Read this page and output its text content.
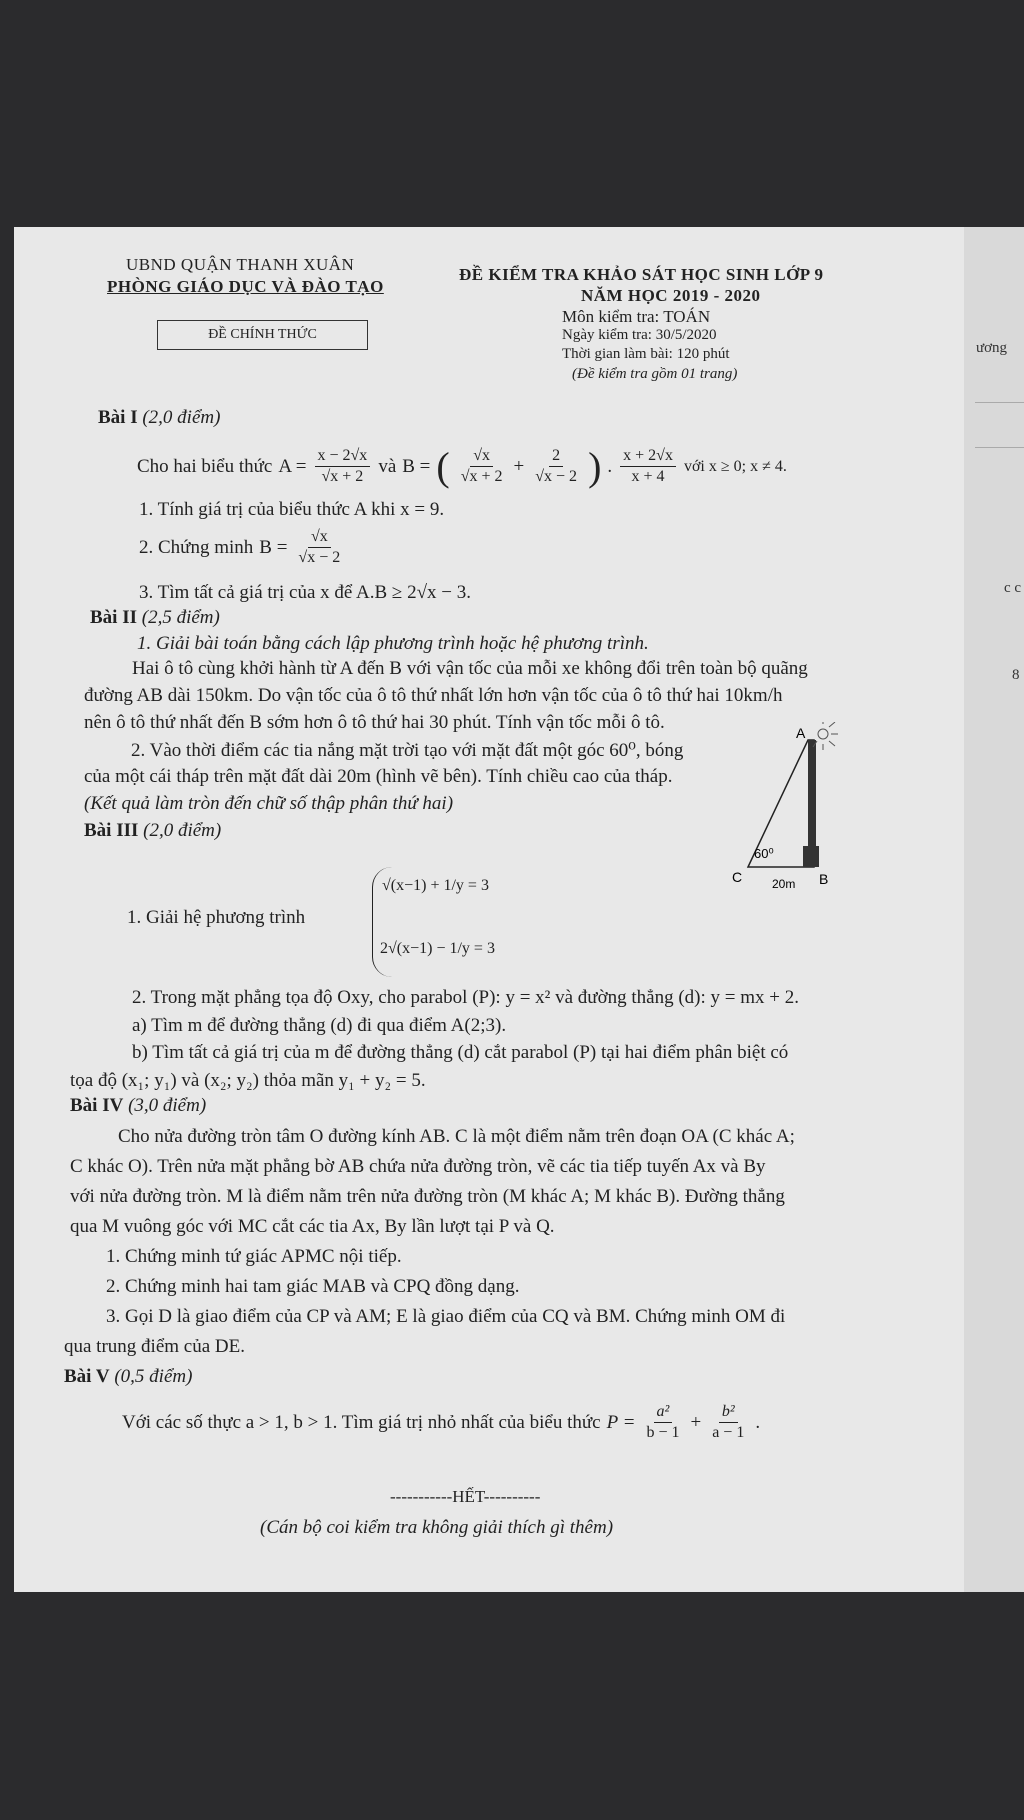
UBND QUẬN THANH XUÂN
PHÒNG GIÁO DỤC VÀ ĐÀO TẠO
ĐỀ CHÍNH THỨC
ĐỀ KIỂM TRA KHẢO SÁT HỌC SINH LỚP 9
NĂM HỌC 2019 - 2020
Môn kiểm tra: TOÁN
Ngày kiểm tra: 30/5/2020
Thời gian làm bài: 120 phút
(Đề kiểm tra gồm 01 trang)
Bài I (2,0 điểm)
Cho hai biểu thức $A = \frac{x - 2√x}{√x + 2}$ và B = ( $\frac{√x}{√x + 2} + \frac{2}{√x - 2}$ ) . $\frac{x + 2√x}{x + 4}$ với x ≥ 0; x ≠ 4.
1. Tính giá trị của biểu thức A khi x = 9.
2. Chứng minh $B = \frac{√x}{√x - 2}$
3. Tìm tất cả giá trị của x để A.B ≥ 2√x − 3.
Bài II (2,5 điểm)
1. Giải bài toán bằng cách lập phương trình hoặc hệ phương trình.
Hai ô tô cùng khởi hành từ A đến B với vận tốc của mỗi xe không đổi trên toàn bộ quãng
đường AB dài 150km. Do vận tốc của ô tô thứ nhất lớn hơn vận tốc của ô tô thứ hai 10km/h
nên ô tô thứ nhất đến B sớm hơn ô tô thứ hai 30 phút. Tính vận tốc mỗi ô tô.
2. Vào thời điểm các tia nắng mặt trời tạo với mặt đất một góc 60⁰, bóng
của một cái tháp trên mặt đất dài 20m (hình vẽ bên). Tính chiều cao của tháp.
(Kết quả làm tròn đến chữ số thập phân thứ hai)
A
C	B
60⁰
20m
Bài III (2,0 điểm)
1. Giải hệ phương trình
√(x−1) + 1/y = 3
2√(x−1) − 1/y = 3
2. Trong mặt phẳng tọa độ Oxy, cho parabol (P): y = x² và đường thẳng (d): y = mx + 2.
a) Tìm m để đường thẳng (d) đi qua điểm A(2;3).
b) Tìm tất cả giá trị của m để đường thẳng (d) cắt parabol (P) tại hai điểm phân biệt có
tọa độ (x₁; y₁) và (x₂; y₂) thỏa mãn y₁ + y₂ = 5.
Bài IV (3,0 điểm)
Cho nửa đường tròn tâm O đường kính AB. C là một điểm nằm trên đoạn OA (C khác A;
C khác O). Trên nửa mặt phẳng bờ AB chứa nửa đường tròn, vẽ các tia tiếp tuyến Ax và By
với nửa đường tròn. M là điểm nằm trên nửa đường tròn (M khác A; M khác B). Đường thẳng
qua M vuông góc với MC cắt các tia Ax, By lần lượt tại P và Q.
1. Chứng minh tứ giác APMC nội tiếp.
2. Chứng minh hai tam giác MAB và CPQ đồng dạng.
3. Gọi D là giao điểm của CP và AM; E là giao điểm của CQ và BM. Chứng minh OM đi
qua trung điểm của DE.
Bài V (0,5 điểm)
Với các số thực a > 1, b > 1. Tìm giá trị nhỏ nhất của biểu thức $P = \frac{\text{a²}}{b - 1} + \frac{\text{b²}}{a - 1}$ .
-----------HẾT----------
(Cán bộ coi kiểm tra không giải thích gì thêm)
ương
c c
8
